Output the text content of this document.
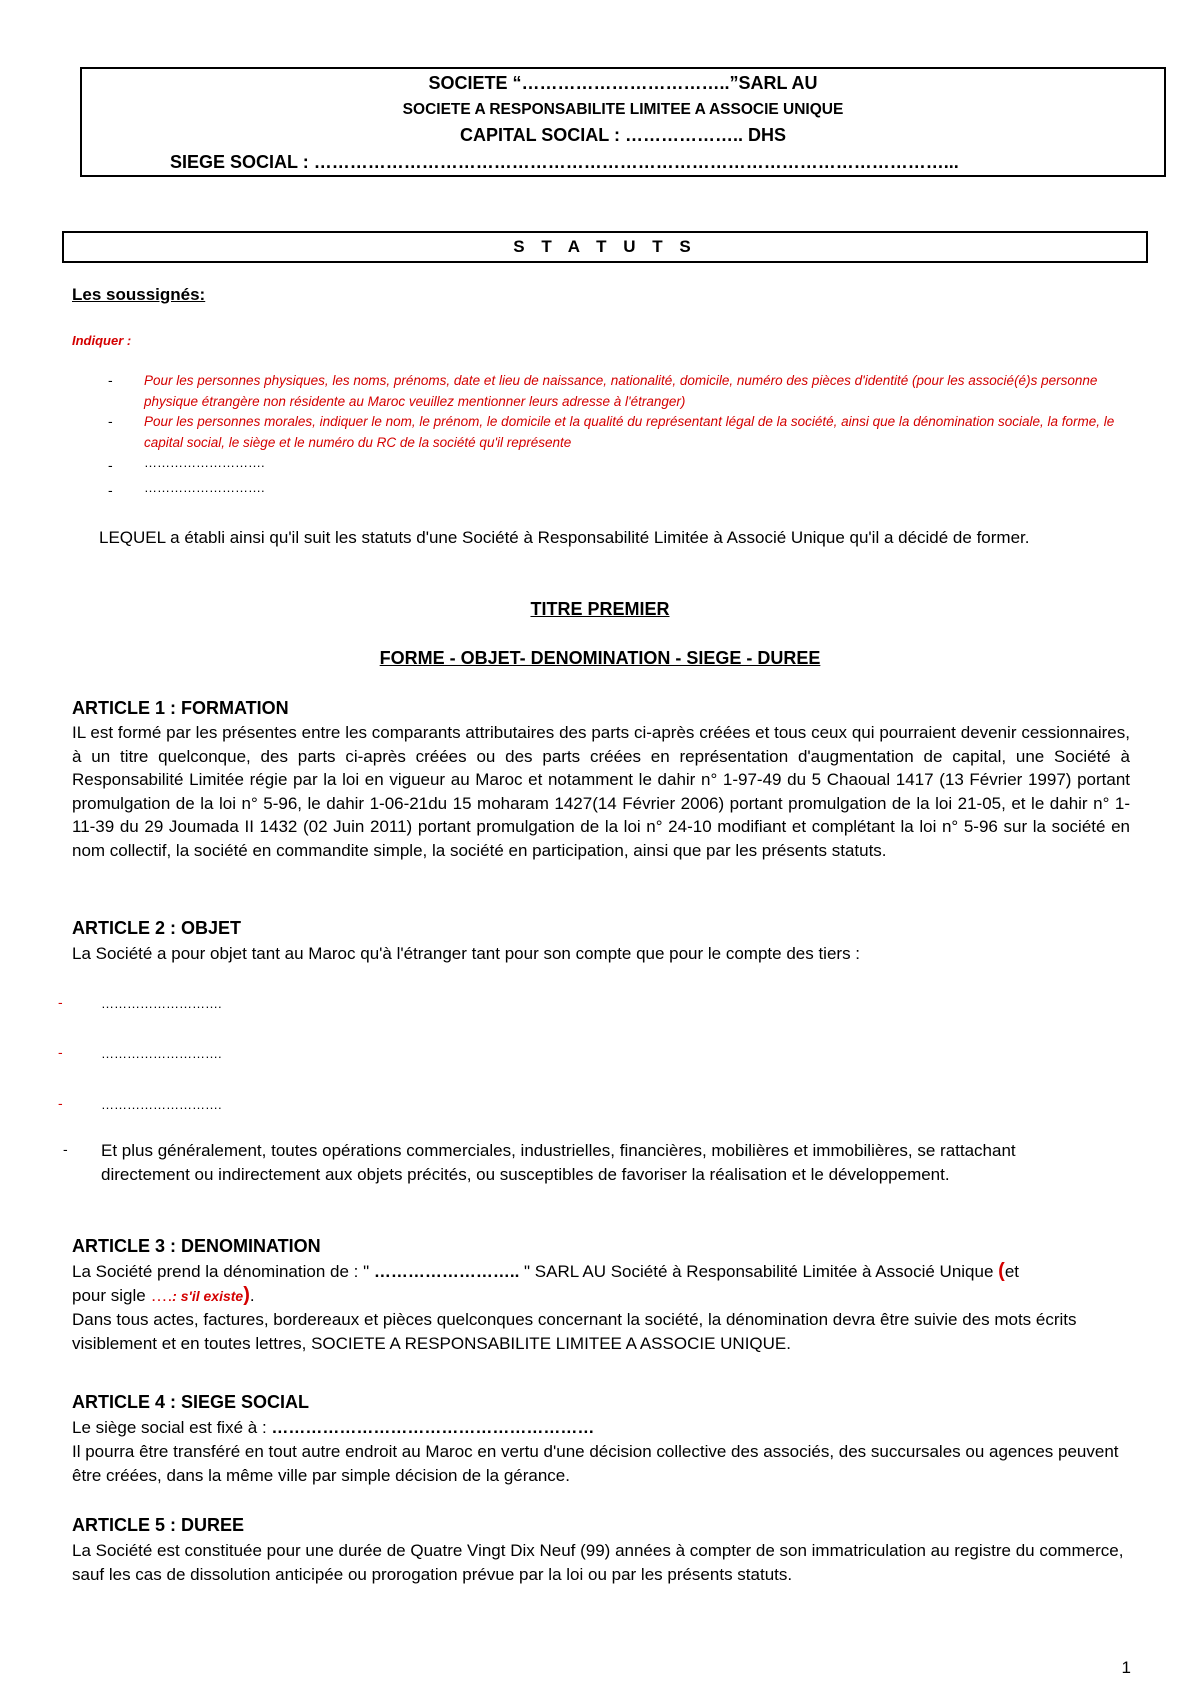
SOCIETE “……………………………..”SARL AU
SOCIETE A RESPONSABILITE LIMITEE A ASSOCIE UNIQUE
CAPITAL SOCIAL : ……………….. DHS
SIEGE SOCIAL : ……………………………………………………………………………………………...
S T A T U T S
Les soussignés:
Indiquer :
- Pour les personnes physiques, les noms, prénoms, date et lieu de naissance, nationalité, domicile, numéro des pièces d'identité (pour les associé(é)s personne physique étrangère non résidente au Maroc veuillez mentionner leurs adresse à l'étranger)
- Pour les personnes morales, indiquer le nom, le prénom, le domicile et la qualité du représentant légal de la société, ainsi que la dénomination sociale, la forme, le capital social, le siège et le numéro du RC de la société qu'il représente
- ……………………….
- ……………………….
LEQUEL a établi ainsi qu'il suit les statuts d'une Société à Responsabilité Limitée à Associé Unique qu'il a décidé de former.
TITRE PREMIER
FORME - OBJET- DENOMINATION - SIEGE - DUREE
ARTICLE 1 : FORMATION
IL est formé par les présentes entre les comparants attributaires des parts ci-après créées et tous ceux qui pourraient devenir cessionnaires, à un titre quelconque, des parts ci-après créées ou des parts créées en représentation d'augmentation de capital, une Société à Responsabilité Limitée régie par la loi en vigueur au Maroc et notamment le dahir n° 1-97-49 du 5 Chaoual 1417 (13 Février 1997) portant promulgation de la loi n° 5-96, le dahir 1-06-21du 15 moharam 1427(14 Février 2006) portant promulgation de la loi 21-05, et le dahir n° 1-11-39 du 29 Joumada II 1432 (02 Juin 2011) portant promulgation de la loi n° 24-10 modifiant et complétant la loi n° 5-96 sur la société en nom collectif, la société en commandite simple, la société en participation, ainsi que par les présents statuts.
ARTICLE 2 : OBJET
La Société a pour objet tant au Maroc qu'à l'étranger tant pour son compte que pour le compte des tiers :
-	……………………….
-	……………………….
-	……………………….
- Et plus généralement, toutes opérations commerciales, industrielles, financières, mobilières et immobilières, se rattachant directement ou indirectement aux objets précités, ou susceptibles de favoriser la réalisation et le développement.
ARTICLE 3 : DENOMINATION
La Société prend la dénomination de : " …………………….. " SARL AU Société à Responsabilité Limitée à Associé Unique (et
pour sigle ….: s'il existe).
Dans tous actes, factures, bordereaux et pièces quelconques concernant la société, la dénomination devra être suivie des mots écrits visiblement et en toutes lettres, SOCIETE A RESPONSABILITE LIMITEE A ASSOCIE UNIQUE.
ARTICLE 4 : SIEGE SOCIAL
Le siège social est fixé à : …………………………………………………
Il pourra être transféré en tout autre endroit au Maroc en vertu d'une décision collective des associés, des succursales ou agences peuvent être créées, dans la même ville par simple décision de la gérance.
ARTICLE 5 : DUREE
La Société est constituée pour une durée de Quatre Vingt Dix Neuf (99) années à compter de son immatriculation au registre du commerce, sauf les cas de dissolution anticipée ou prorogation prévue par la loi ou par les présents statuts.
1
